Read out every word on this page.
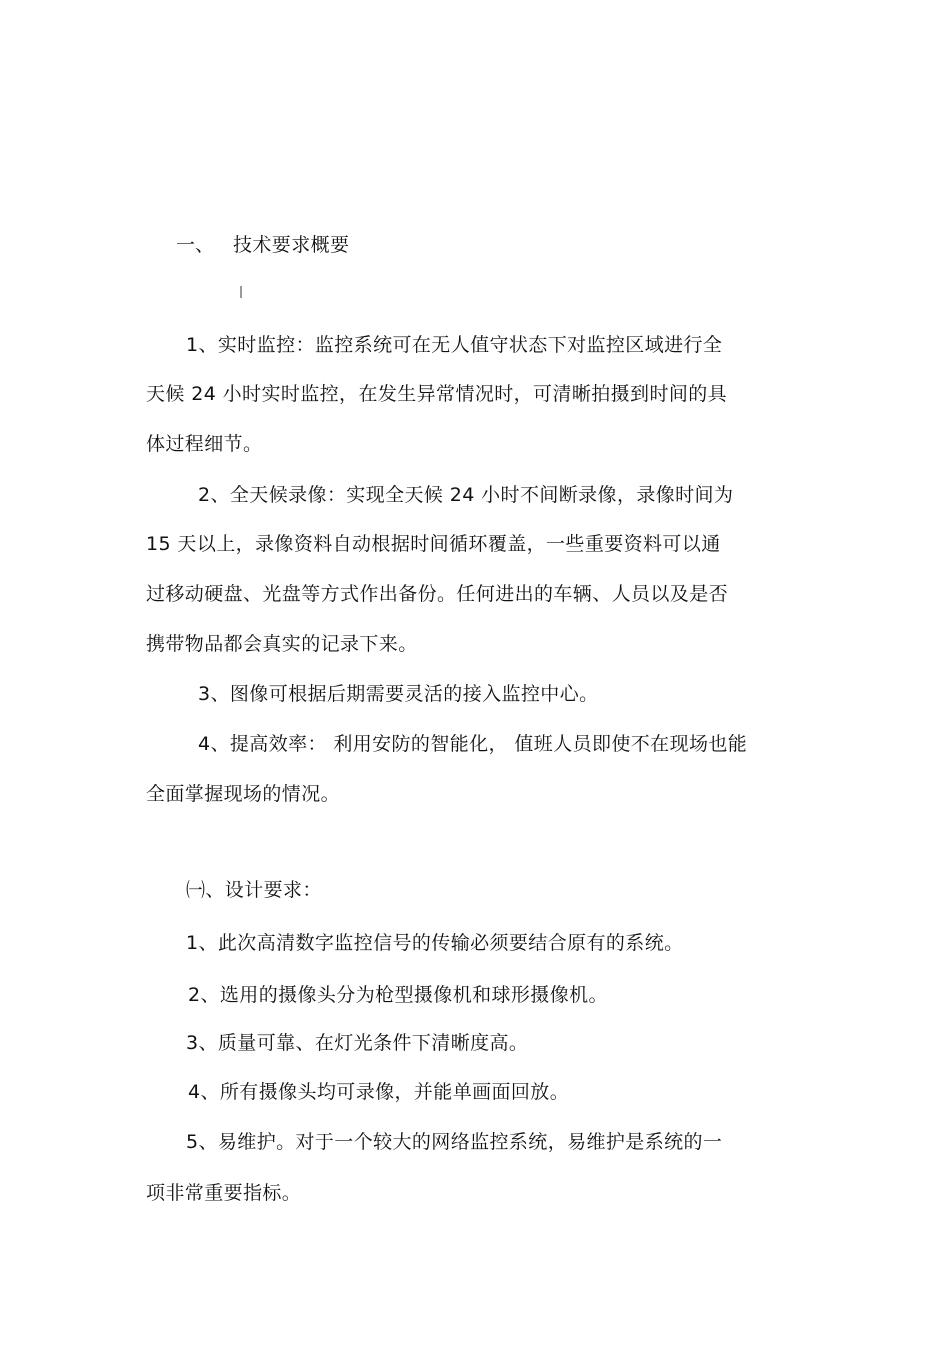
一、 技术要求概要
1、实时监控：监控系统可在无人值守状态下对监控区域进行全
天候 24 小时实时监控，在发生异常情况时，可清晰拍摄到时间的具
体过程细节。
2、全天候录像：实现全天候 24 小时不间断录像，录像时间为
15 天以上，录像资料自动根据时间循环覆盖，一些重要资料可以通
过移动硬盘、光盘等方式作出备份。任何进出的车辆、人员以及是否
携带物品都会真实的记录下来。
3、图像可根据后期需要灵活的接入监控中心。
4、提高效率： 利用安防的智能化， 值班人员即使不在现场也能
全面掌握现场的情况。
㈠、设计要求：
1、此次高清数字监控信号的传输必须要结合原有的系统。
2、选用的摄像头分为枪型摄像机和球形摄像机。
3、质量可靠、在灯光条件下清晰度高。
4、所有摄像头均可录像，并能单画面回放。
5、易维护。对于一个较大的网络监控系统，易维护是系统的一
项非常重要指标。
